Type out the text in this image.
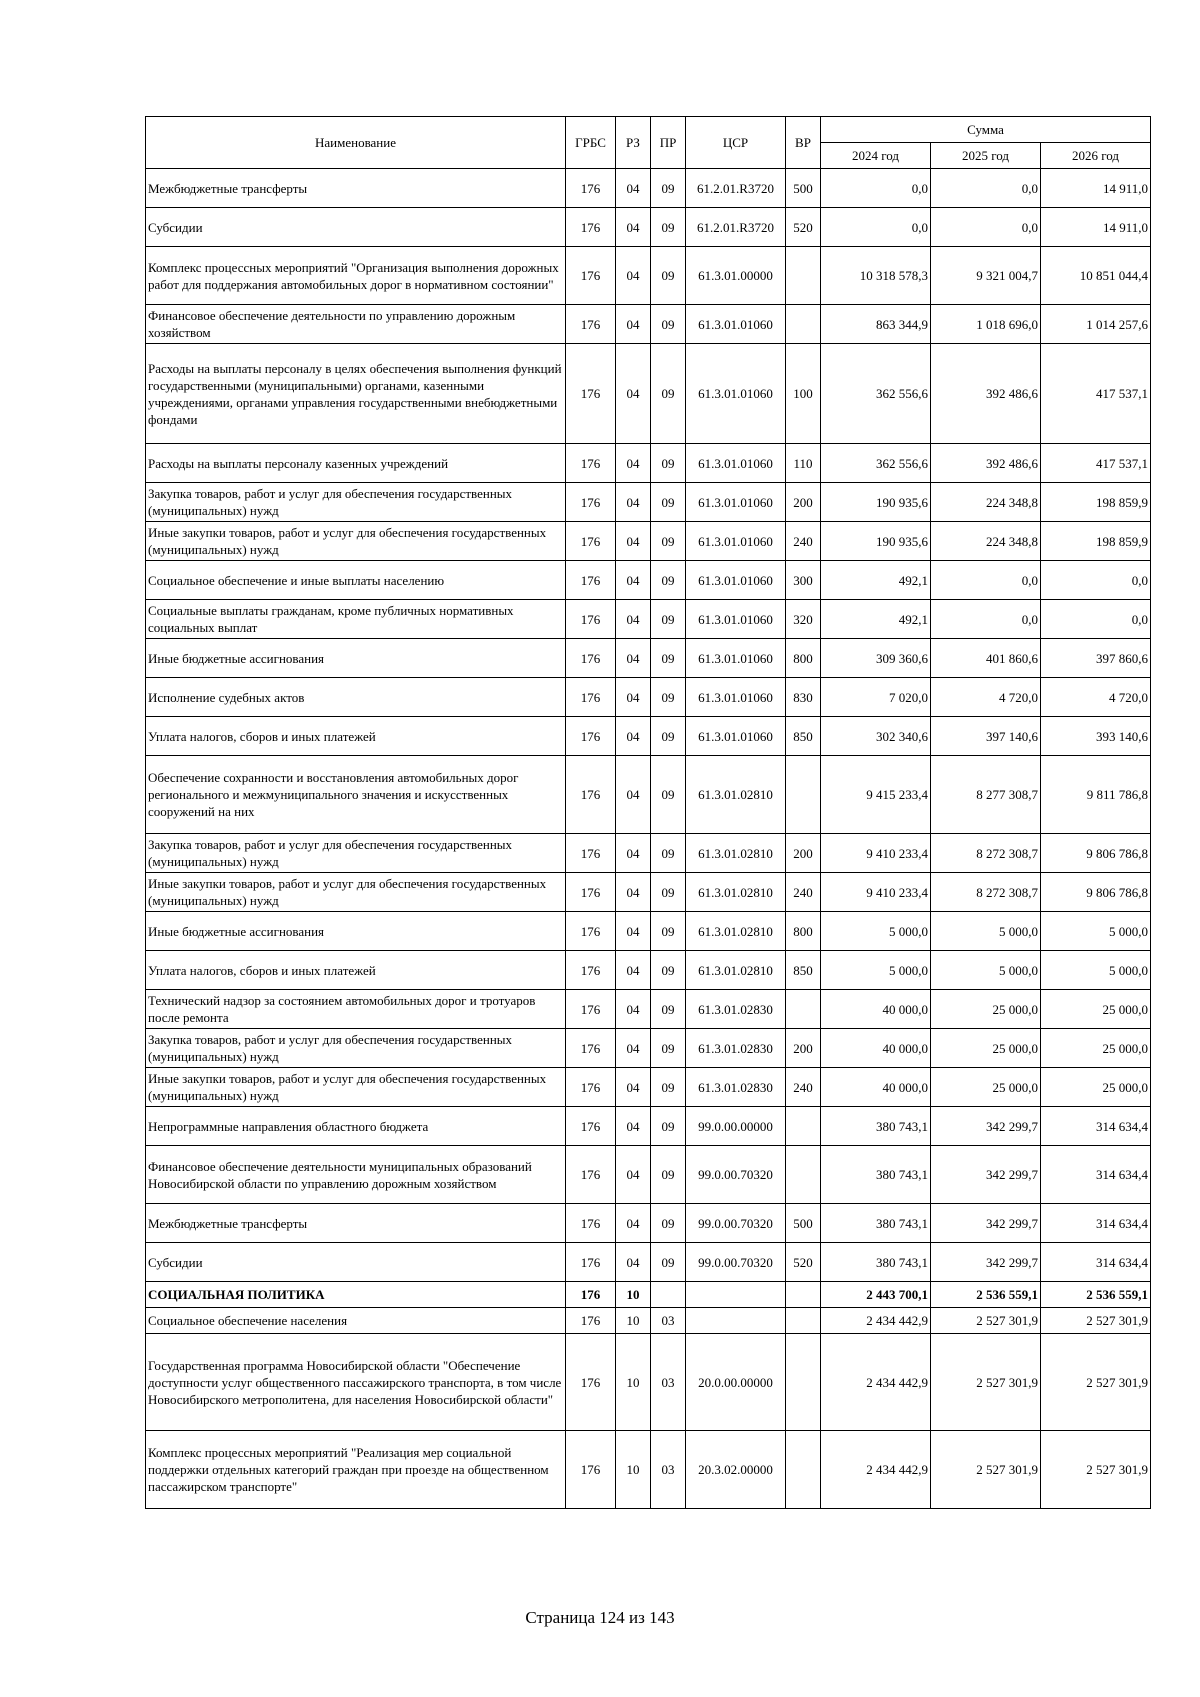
Наименование	ГРБС	РЗ	ПР	ЦСР	ВР	Сумма		
						2024 год	2025 год	2026 год
Межбюджетные трансферты	176	04	09	61.2.01.R3720	500	0,0	0,0	14 911,0
Субсидии	176	04	09	61.2.01.R3720	520	0,0	0,0	14 911,0
Комплекс процессных мероприятий "Организация выполнения дорожных работ для поддержания автомобильных дорог в нормативном состоянии"	176	04	09	61.3.01.00000		10 318 578,3	9 321 004,7	10 851 044,4
Финансовое обеспечение деятельности по управлению дорожным хозяйством	176	04	09	61.3.01.01060		863 344,9	1 018 696,0	1 014 257,6
Расходы на выплаты персоналу в целях обеспечения выполнения функций государственными (муниципальными) органами, казенными учреждениями, органами управления государственными внебюджетными фондами	176	04	09	61.3.01.01060	100	362 556,6	392 486,6	417 537,1
Расходы на выплаты персоналу казенных учреждений	176	04	09	61.3.01.01060	110	362 556,6	392 486,6	417 537,1
Закупка товаров, работ и услуг для обеспечения государственных (муниципальных) нужд	176	04	09	61.3.01.01060	200	190 935,6	224 348,8	198 859,9
Иные закупки товаров, работ и услуг для обеспечения государственных (муниципальных) нужд	176	04	09	61.3.01.01060	240	190 935,6	224 348,8	198 859,9
Социальное обеспечение и иные выплаты населению	176	04	09	61.3.01.01060	300	492,1	0,0	0,0
Социальные выплаты гражданам, кроме публичных нормативных социальных выплат	176	04	09	61.3.01.01060	320	492,1	0,0	0,0
Иные бюджетные ассигнования	176	04	09	61.3.01.01060	800	309 360,6	401 860,6	397 860,6
Исполнение судебных актов	176	04	09	61.3.01.01060	830	7 020,0	4 720,0	4 720,0
Уплата налогов, сборов и иных платежей	176	04	09	61.3.01.01060	850	302 340,6	397 140,6	393 140,6
Обеспечение сохранности и восстановления автомобильных дорог регионального и межмуниципального значения и искусственных сооружений на них	176	04	09	61.3.01.02810		9 415 233,4	8 277 308,7	9 811 786,8
Закупка товаров, работ и услуг для обеспечения государственных (муниципальных) нужд	176	04	09	61.3.01.02810	200	9 410 233,4	8 272 308,7	9 806 786,8
Иные закупки товаров, работ и услуг для обеспечения государственных (муниципальных) нужд	176	04	09	61.3.01.02810	240	9 410 233,4	8 272 308,7	9 806 786,8
Иные бюджетные ассигнования	176	04	09	61.3.01.02810	800	5 000,0	5 000,0	5 000,0
Уплата налогов, сборов и иных платежей	176	04	09	61.3.01.02810	850	5 000,0	5 000,0	5 000,0
Технический надзор за состоянием автомобильных дорог и тротуаров после ремонта	176	04	09	61.3.01.02830		40 000,0	25 000,0	25 000,0
Закупка товаров, работ и услуг для обеспечения государственных (муниципальных) нужд	176	04	09	61.3.01.02830	200	40 000,0	25 000,0	25 000,0
Иные закупки товаров, работ и услуг для обеспечения государственных (муниципальных) нужд	176	04	09	61.3.01.02830	240	40 000,0	25 000,0	25 000,0
Непрограммные направления областного бюджета	176	04	09	99.0.00.00000		380 743,1	342 299,7	314 634,4
Финансовое обеспечение деятельности муниципальных образований Новосибирской области по управлению дорожным хозяйством	176	04	09	99.0.00.70320		380 743,1	342 299,7	314 634,4
Межбюджетные трансферты	176	04	09	99.0.00.70320	500	380 743,1	342 299,7	314 634,4
Субсидии	176	04	09	99.0.00.70320	520	380 743,1	342 299,7	314 634,4
СОЦИАЛЬНАЯ ПОЛИТИКА	176	10				2 443 700,1	2 536 559,1	2 536 559,1
Социальное обеспечение населения	176	10	03			2 434 442,9	2 527 301,9	2 527 301,9
Государственная программа Новосибирской области "Обеспечение доступности услуг общественного пассажирского транспорта, в том числе Новосибирского метрополитена, для населения Новосибирской области"	176	10	03	20.0.00.00000		2 434 442,9	2 527 301,9	2 527 301,9
Комплекс процессных мероприятий "Реализация мер социальной поддержки отдельных категорий граждан при проезде на общественном пассажирском транспорте"	176	10	03	20.3.02.00000		2 434 442,9	2 527 301,9	2 527 301,9
Страница 124 из 143
